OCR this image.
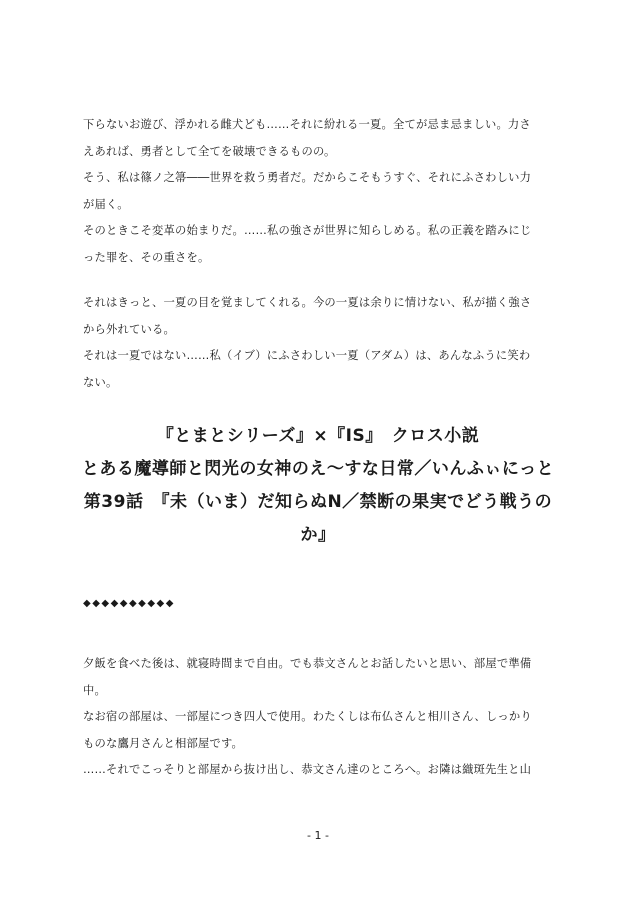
下らないお遊び、浮かれる雌犬ども……それに紛れる一夏。全てが忌ま忌ましい。力さ

えあれば、勇者として全てを破壊できるものの。

そう、私は篠ノ之箒――世界を救う勇者だ。だからこそもうすぐ、それにふさわしい力

が届く。

そのときこそ変革の始まりだ。……私の強さが世界に知らしめる。私の正義を踏みにじ

った罪を、その重さを。

それはきっと、一夏の目を覚ましてくれる。今の一夏は余りに情けない、私が描く強さ

から外れている。

それは一夏ではない……私（イブ）にふさわしい一夏（アダム）は、あんなふうに笑わ

ない。

『とまとシリーズ』×『IS』　クロス小説

とある魔導師と閃光の女神のえ～すな日常／いんふぃにっと

第39話　『未（いま）だ知らぬN／禁断の果実でどう戦うの

か』

◆◆◆◆◆◆◆◆◆◆

夕飯を食べた後は、就寝時間まで自由。でも恭文さんとお話したいと思い、部屋で準備

中。

なお宿の部屋は、一部屋につき四人で使用。わたくしは布仏さんと相川さん、しっかり

ものな鷹月さんと相部屋です。

……それでこっそりと部屋から抜け出し、恭文さん達のところへ。お隣は織斑先生と山

- 1 -
